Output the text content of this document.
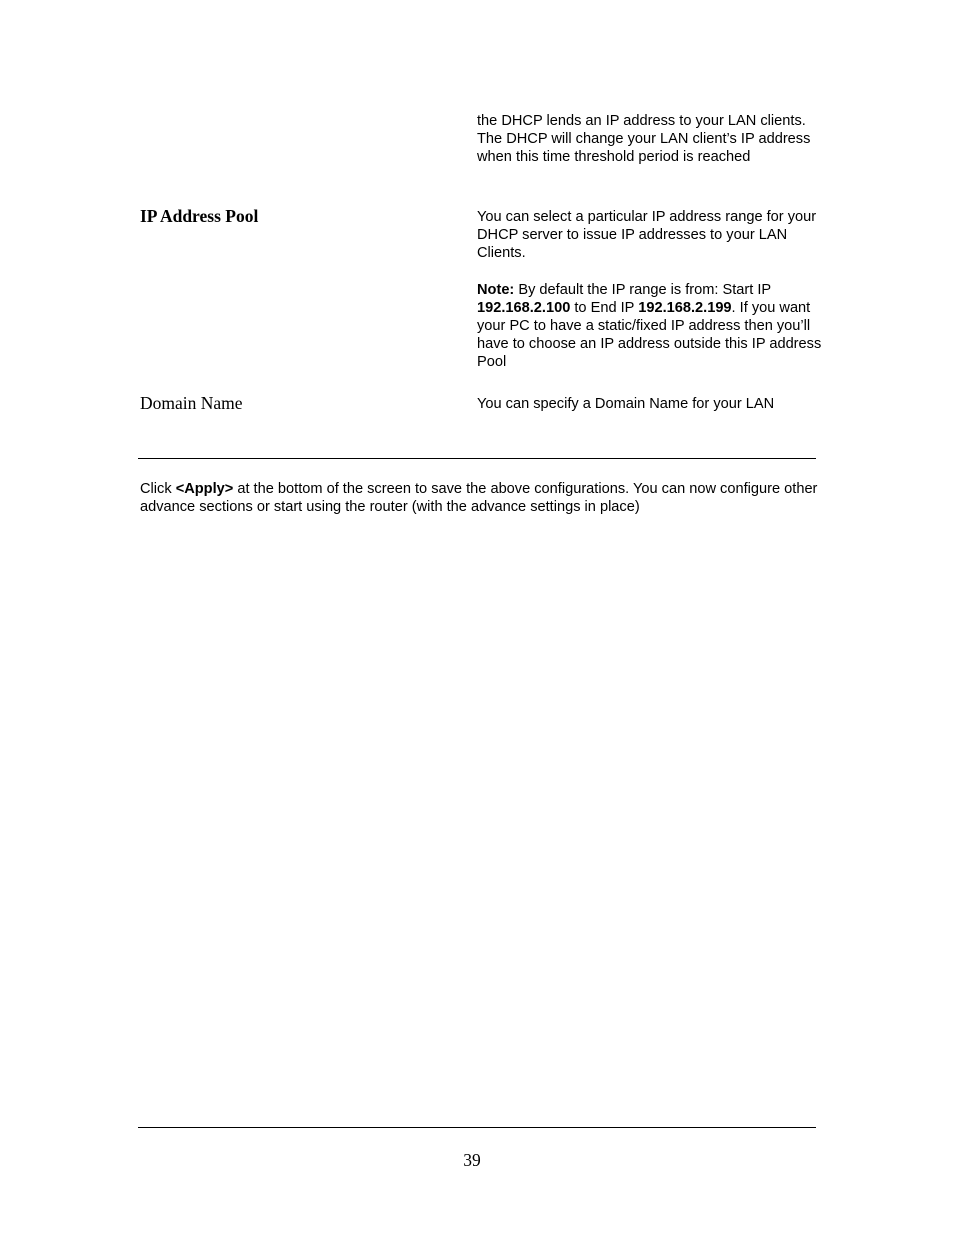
the DHCP lends an IP address to your LAN clients. The DHCP will change your LAN client’s IP address when this time threshold period is reached

IP Address Pool	You can select a particular IP address range for your DHCP server to issue IP addresses to your LAN Clients.

Note: By default the IP range is from: Start IP 192.168.2.100 to End IP 192.168.2.199. If you want your PC to have a static/fixed IP address then you’ll have to choose an IP address outside this IP address Pool

Domain Name	You can specify a Domain Name for your LAN

Click <Apply> at the bottom of the screen to save the above configurations. You can now configure other advance sections or start using the router (with the advance settings in place)

39
